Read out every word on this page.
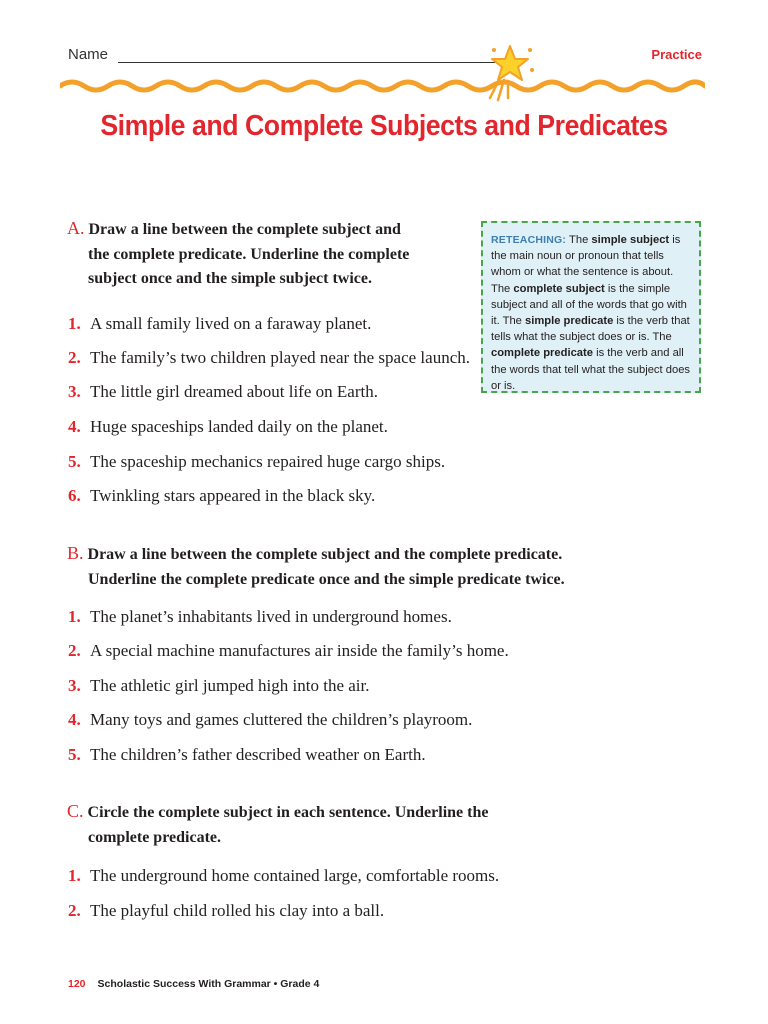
Name	Practice
Simple and Complete Subjects and Predicates
A. Draw a line between the complete subject and
the complete predicate. Underline the complete
subject once and the simple subject twice.
1. A small family lived on a faraway planet.
2. The family’s two children played near the space launch.
3. The little girl dreamed about life on Earth.
4. Huge spaceships landed daily on the planet.
5. The spaceship mechanics repaired huge cargo ships.
6. Twinkling stars appeared in the black sky.
RETEACHING: The simple subject is the main noun or pronoun that tells whom or what the sentence is about. The complete subject is the simple subject and all of the words that go with it. The simple predicate is the verb that tells what the subject does or is. The complete predicate is the verb and all the words that tell what the subject does or is.
B. Draw a line between the complete subject and the complete predicate.
Underline the complete predicate once and the simple predicate twice.
1. The planet’s inhabitants lived in underground homes.
2. A special machine manufactures air inside the family’s home.
3. The athletic girl jumped high into the air.
4. Many toys and games cluttered the children’s playroom.
5. The children’s father described weather on Earth.
C. Circle the complete subject in each sentence. Underline the
complete predicate.
1. The underground home contained large, comfortable rooms.
2. The playful child rolled his clay into a ball.
120 Scholastic Success With Grammar • Grade 4
